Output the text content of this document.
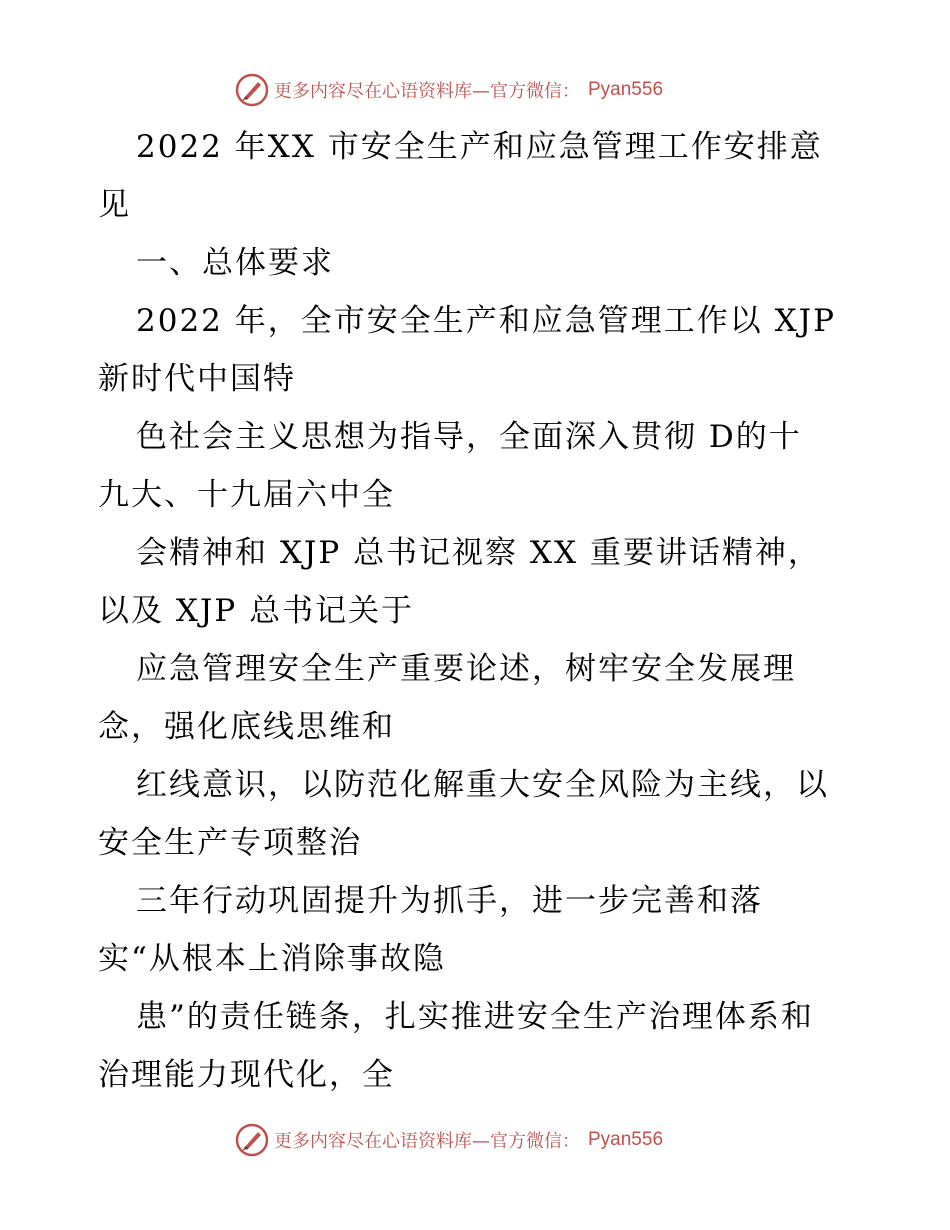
更多内容尽在心语资料库—官方微信： Pyan556
2022 年XX 市安全生产和应急管理工作安排意
见
一、总体要求
2022 年，全市安全生产和应急管理工作以 XJP
新时代中国特
色社会主义思想为指导，全面深入贯彻 D的十
九大、十九届六中全
会精神和 XJP 总书记视察 XX 重要讲话精神，
以及 XJP 总书记关于
应急管理安全生产重要论述，树牢安全发展理
念，强化底线思维和
红线意识，以防范化解重大安全风险为主线，以
安全生产专项整治
三年行动巩固提升为抓手，进一步完善和落
实“从根本上消除事故隐
患”的责任链条，扎实推进安全生产治理体系和
治理能力现代化，全
更多内容尽在心语资料库—官方微信： Pyan556
